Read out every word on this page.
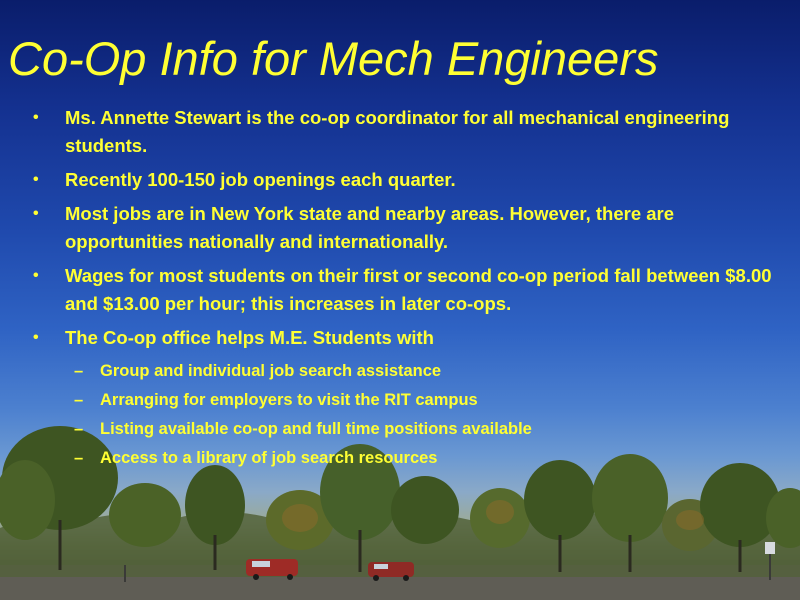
Co-Op Info for Mech Engineers
• Ms. Annette Stewart is the co-op coordinator for all mechanical engineering students.
• Recently 100-150 job openings each quarter.
• Most jobs are in New York state and nearby areas. However, there are opportunities nationally and internationally.
• Wages for most students on their first or second co-op period fall between $8.00 and $13.00 per hour; this increases in later co-ops.
• The Co-op office helps M.E. Students with
– Group and individual job search assistance
– Arranging for employers to visit the RIT campus
– Listing available co-op and full time positions available
– Access to a library of job search resources
